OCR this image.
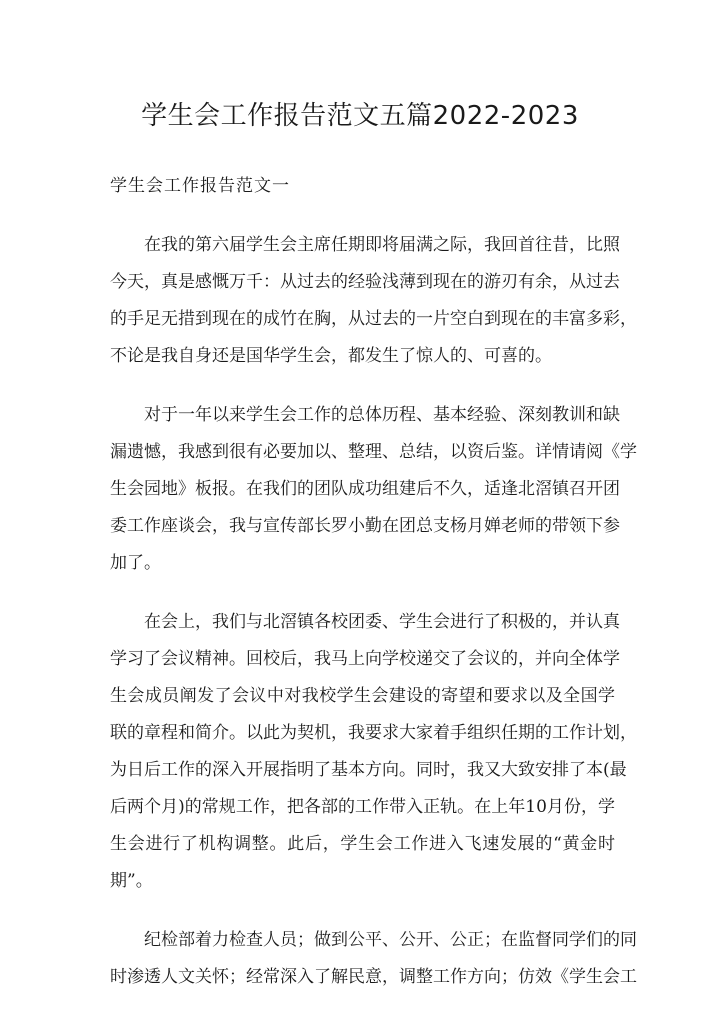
学生会工作报告范文五篇2022-2023

学生会工作报告范文一

在我的第六届学生会主席任期即将届满之际，我回首往昔，比照
今天，真是感慨万千：从过去的经验浅薄到现在的游刃有余，从过去
的手足无措到现在的成竹在胸，从过去的一片空白到现在的丰富多彩，
不论是我自身还是国华学生会，都发生了惊人的、可喜的。

对于一年以来学生会工作的总体历程、基本经验、深刻教训和缺
漏遗憾，我感到很有必要加以、整理、总结，以资后鉴。详情请阅《学
生会园地》板报。在我们的团队成功组建后不久，适逢北滘镇召开团
委工作座谈会，我与宣传部长罗小勤在团总支杨月婵老师的带领下参
加了。

在会上，我们与北滘镇各校团委、学生会进行了积极的，并认真
学习了会议精神。回校后，我马上向学校递交了会议的，并向全体学
生会成员阐发了会议中对我校学生会建设的寄望和要求以及全国学
联的章程和简介。以此为契机，我要求大家着手组织任期的工作计划，
为日后工作的深入开展指明了基本方向。同时，我又大致安排了本(最
后两个月)的常规工作，把各部的工作带入正轨。在上年10月份，学
生会进行了机构调整。此后，学生会工作进入飞速发展的“黄金时
期”。

纪检部着力检查人员；做到公平、公开、公正；在监督同学们的同
时渗透人文关怀；经常深入了解民意，调整工作方向；仿效《学生会工
